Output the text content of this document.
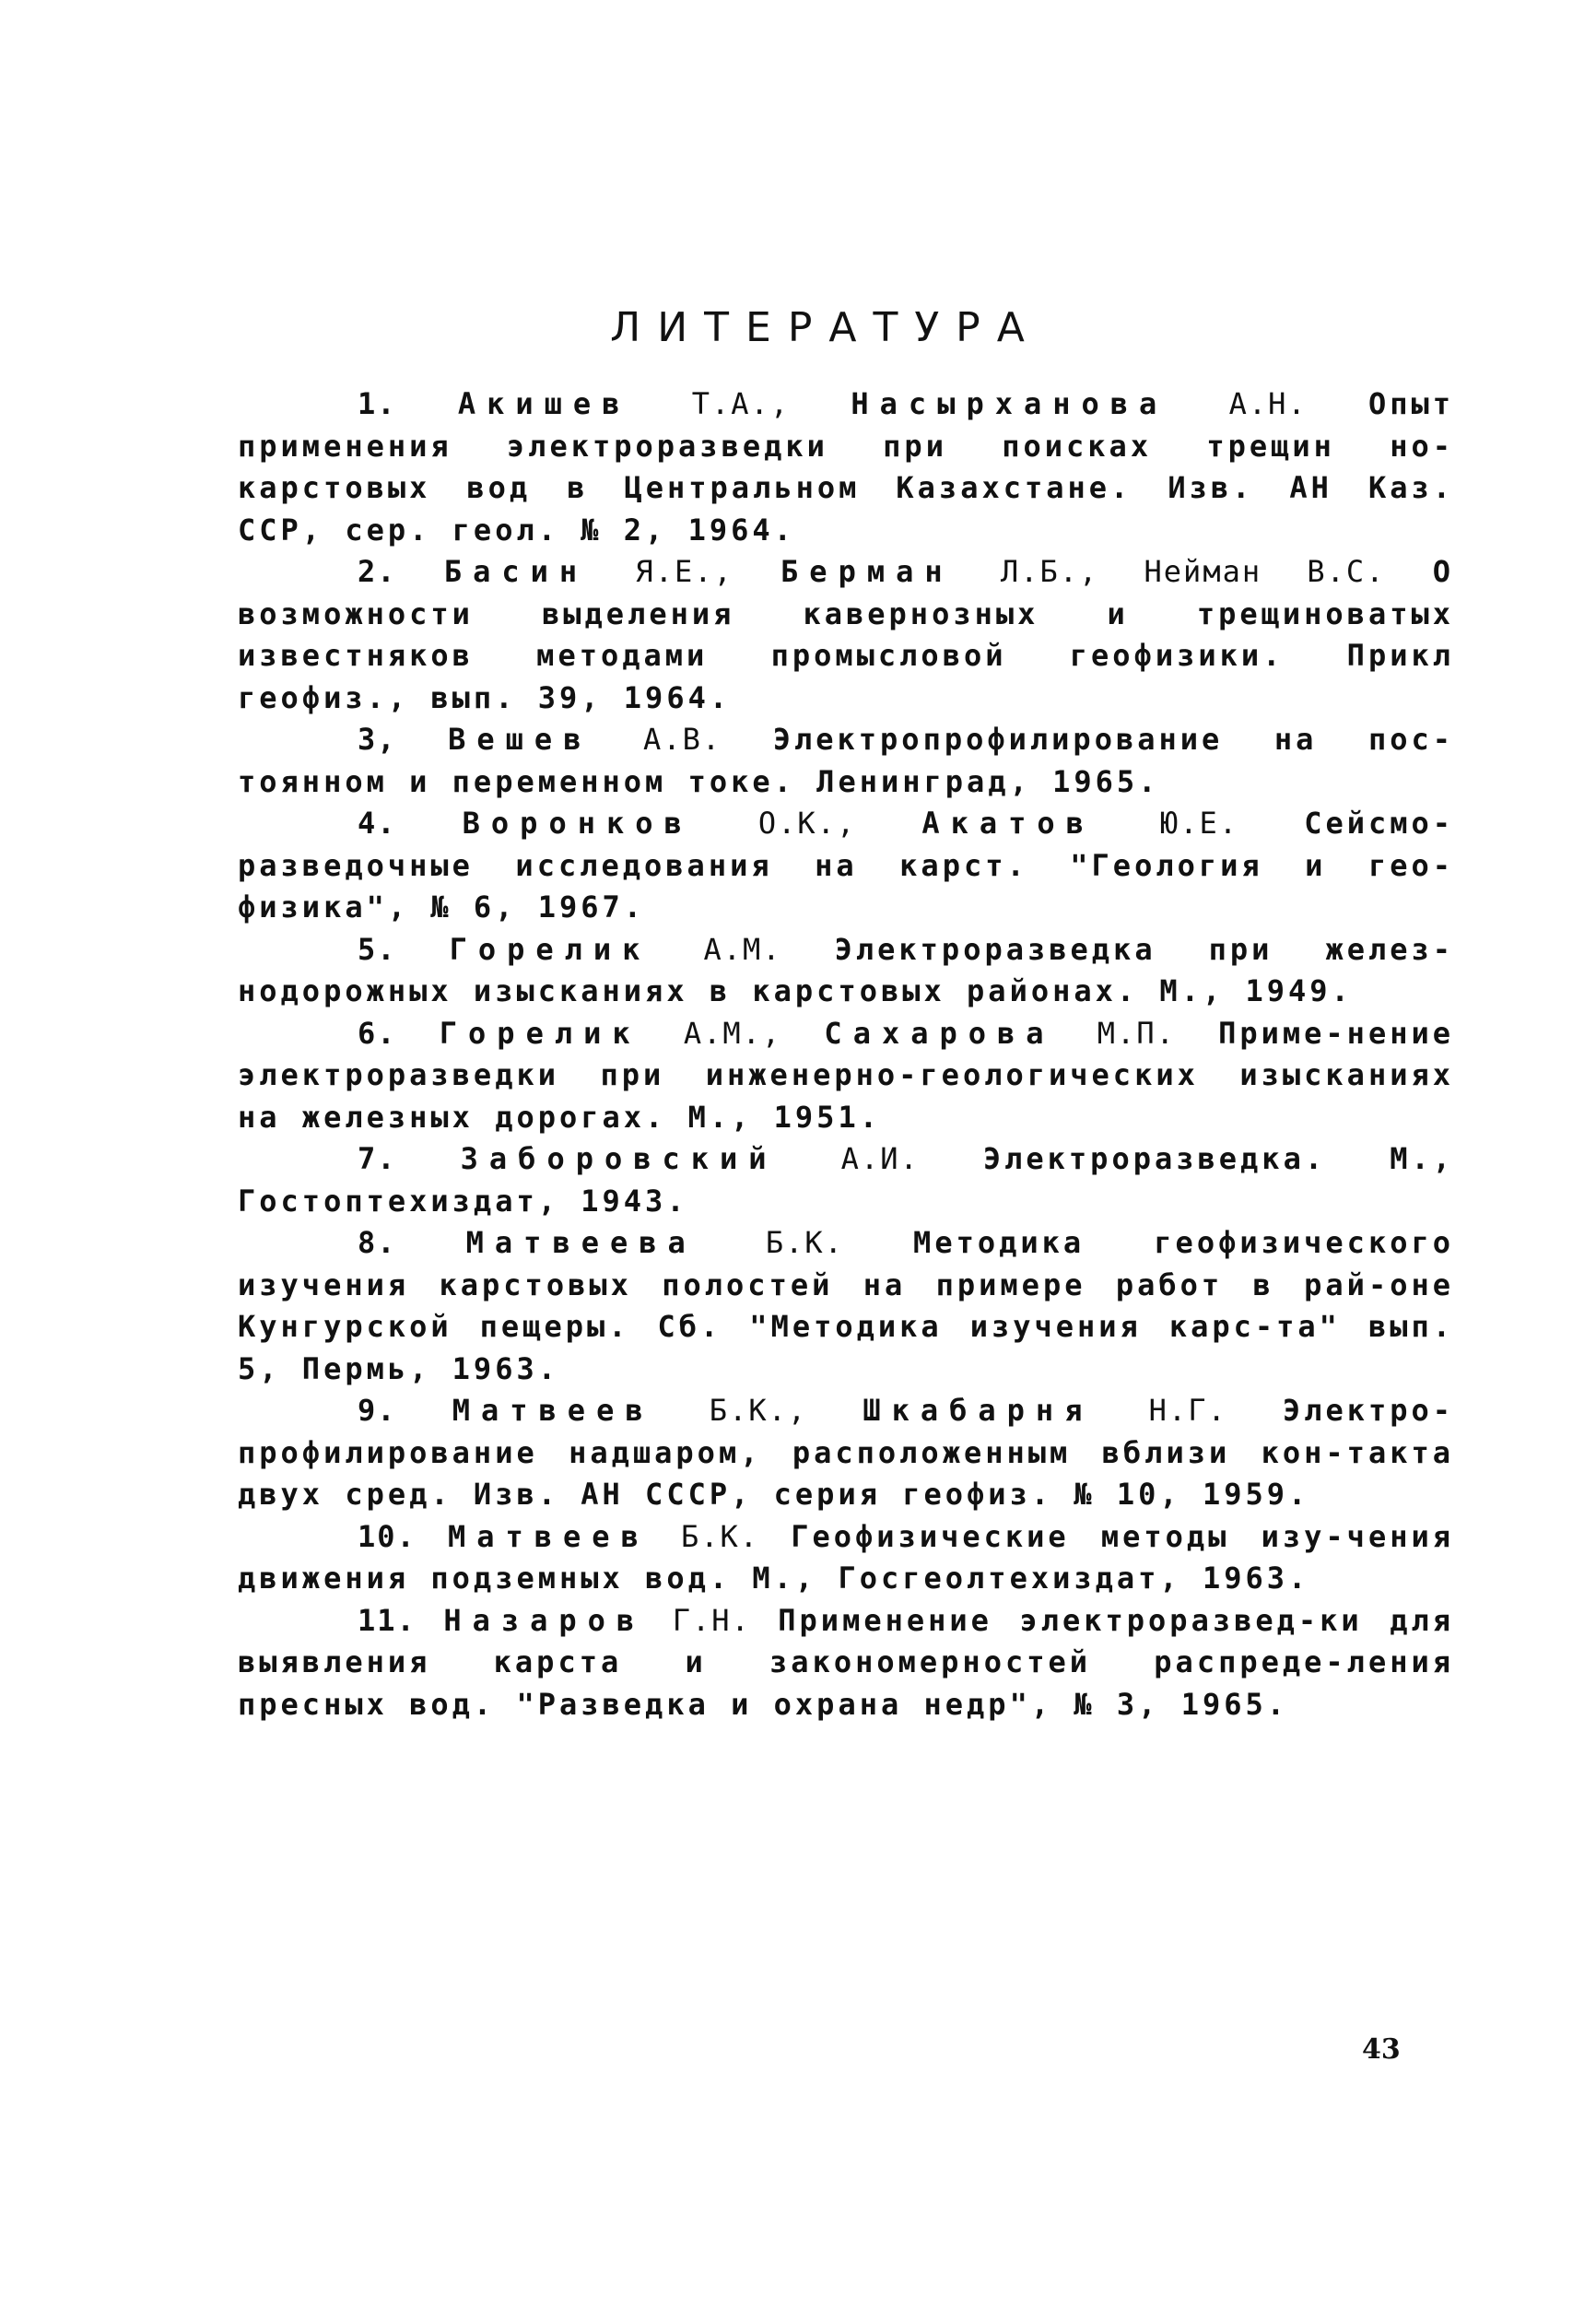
ЛИТЕРАТУРА

1. Акишев Т.А., Насырханова А.Н. Опыт применения электроразведки при поисках трещин но-карстовых вод в Центральном Казахстане. Изв. АН Каз. ССР, сер. геол. № 2, 1964.

2. Басин Я.Е., Берман Л.Б., Нейман В.С. О возможности выделения кавернозных и трещиноватых известняков методами промысловой геофизики. Прикл геофиз., вып. 39, 1964.

3, Вешев А.В. Электропрофилирование на пос-тоянном и переменном токе. Ленинград, 1965.

4. Воронков О.К., Акатов Ю.Е. Сейсмо-разведочные исследования на карст. "Геология и гео-физика", № 6, 1967.

5. Горелик А.М. Электроразведка при желез-нодорожных изысканиях в карстовых районах. М., 1949.

6. Горелик А.М., Сахарова М.П. Приме-нение электроразведки при инженерно-геологических изысканиях на железных дорогах. М., 1951.

7. Заборовский А.И. Электроразведка. М., Гостоптехиздат, 1943.

8. Матвеева Б.К. Методика геофизического изучения карстовых полостей на примере работ в рай-оне Кунгурской пещеры. Сб. "Методика изучения карс-та" вып. 5, Пермь, 1963.

9. Матвеев Б.К., Шкабарня Н.Г. Электро-профилирование надшаром, расположенным вблизи кон-такта двух сред. Изв. АН СССР, серия геофиз. № 10, 1959.

10. Матвеев Б.К. Геофизические методы изу-чения движения подземных вод. М., Госгеолтехиздат, 1963.

11. Назаров Г.Н. Применение электроразвед-ки для выявления карста и закономерностей распреде-ления пресных вод. "Разведка и охрана недр", № 3, 1965.

43
